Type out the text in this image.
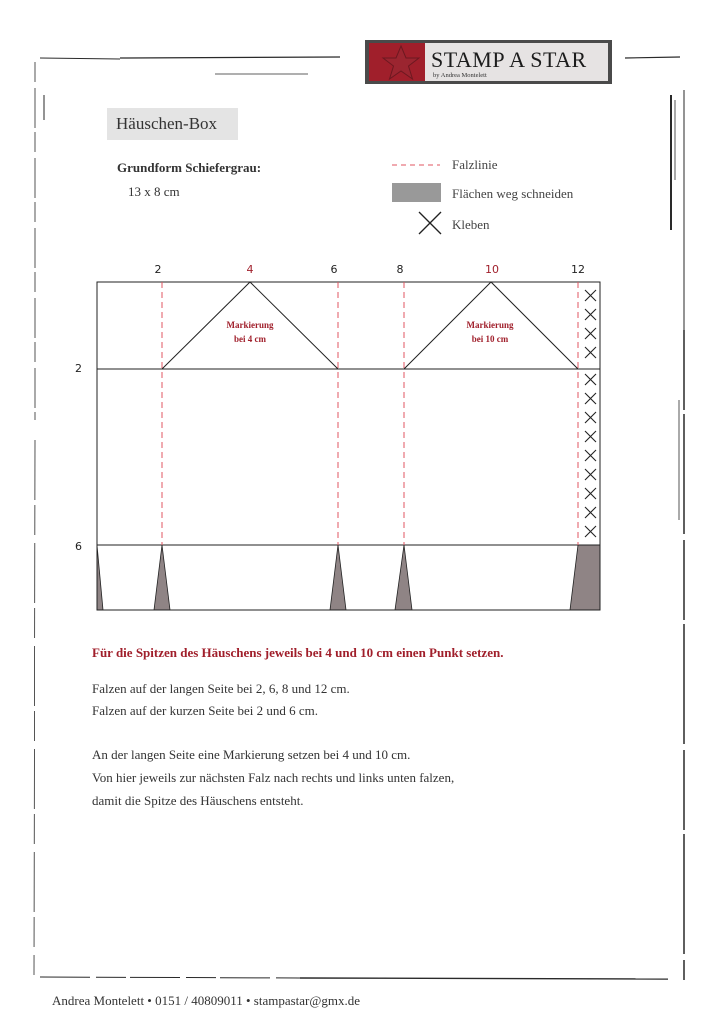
STAMP A STAR
by Andrea Montelett
Häuschen-Box
Grundform Schiefergrau:
13 x 8 cm
Falzlinie
Flächen weg schneiden
Kleben
2	4	6	8	10	12
2
6
Markierung
bei 4 cm
Markierung
bei 10 cm
Für die Spitzen des Häuschens jeweils bei 4 und 10 cm einen Punkt setzen.
Falzen auf der langen Seite bei 2, 6, 8 und 12 cm.
Falzen auf der kurzen Seite bei 2 und 6 cm.
An der langen Seite eine Markierung setzen bei 4 und 10 cm.
Von hier jeweils zur nächsten Falz nach rechts und links unten falzen,
damit die Spitze des Häuschens entsteht.
Andrea Montelett • 0151 / 40809011 • stampastar@gmx.de
